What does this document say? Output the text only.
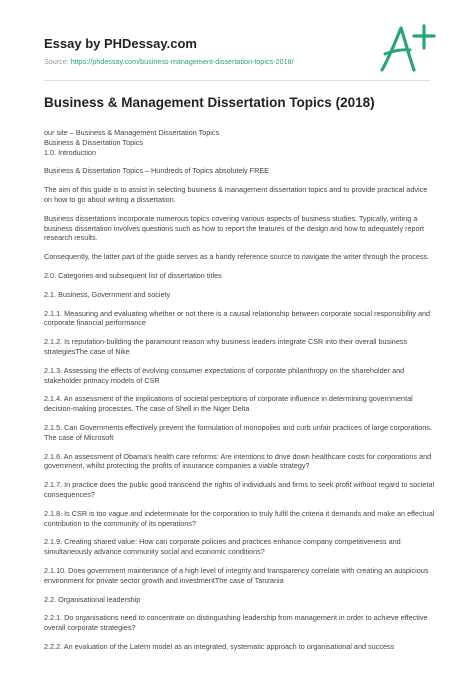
Essay by PHDessay.com
Source: https://phdessay.com/business-management-dissertation-topics-2018/
Business & Management Dissertation Topics (2018)

our site – Business & Management Dissertation Topics

Business & Dissertation Topics

1.0. Introduction

Business & Dissertation Topics – Hundreds of Topics absolutely FREE

The aim of this guide is to assist in selecting business & management dissertation topics and to provide practical advice on how to go about writing a dissertation.

Business dissertations incorporate numerous topics covering various aspects of business studies. Typically, writing a business dissertation involves questions such as how to report the features of the design and how to adequately report research results.

Consequently, the latter part of the guide serves as a handy reference source to navigate the writer through the process.

2.0. Categories and subsequent list of dissertation titles

2.1. Business, Government and society

2.1.1. Measuring and evaluating whether or not there is a causal relationship between corporate social responsibility and corporate financial performance

2.1.2. Is reputation-building the paramount reason why business leaders integrate CSR into their overall business strategiesThe case of Nike

2.1.3. Assessing the effects of evolving consumer expectations of corporate philanthropy on the shareholder and stakeholder primacy models of CSR

2.1.4. An assessment of the implications of societal perceptions of corporate influence in determining governmental decision-making processes. The case of Shell in the Niger Delta

2.1.5. Can Governments effectively prevent the formulation of monopolies and curb unfair practices of large corporations. The case of Microsoft

2.1.6. An assessment of Obama’s health care reforms: Are intentions to drive down healthcare costs for corporations and government, whilst protecting the profits of insurance companies a viable strategy?

2.1.7. In practice does the public good transcend the rights of individuals and firms to seek profit without regard to societal consequences?

2.1.8. Is CSR is too vague and indeterminate for the corporation to truly fulfil the criteria it demands and make an effectual contribution to the community of its operations?

2.1.9. Creating shared value: How can corporate policies and practices enhance company competitiveness and simultaneously advance community social and economic conditions?

2.1.10. Does government maintenance of a high level of integrity and transparency correlate with creating an auspicious environment for private sector growth and investmentThe case of Tanzania

2.2. Organisational leadership

2.2.1. Do organisations need to concentrate on distinguishing leadership from management in order to achieve effective overall corporate strategies?

2.2.2. An evaluation of the Latern model as an integrated, systematic approach to organisational and success
